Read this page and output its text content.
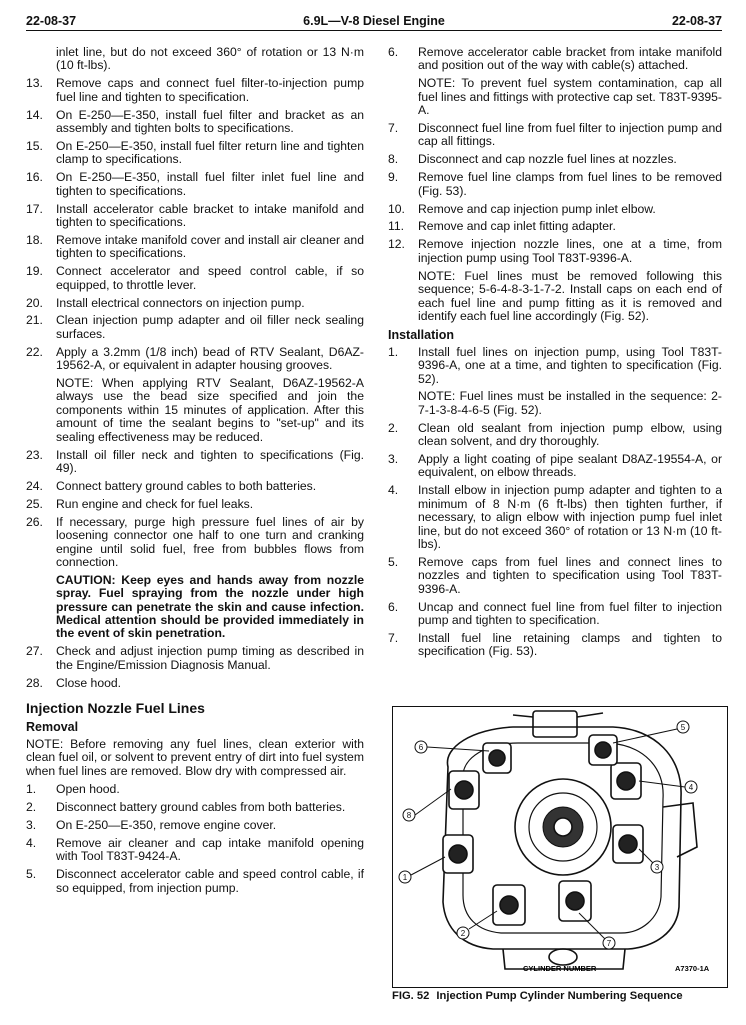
22-08-37	6.9L—V-8 Diesel Engine	22-08-37
inlet line, but do not exceed 360° of rotation or 13 N·m (10 ft-lbs).
13.	Remove caps and connect fuel filter-to-injection pump fuel line and tighten to specification.
14.	On E-250—E-350, install fuel filter and bracket as an assembly and tighten bolts to specifications.
15.	On E-250—E-350, install fuel filter return line and tighten clamp to specifications.
16.	On E-250—E-350, install fuel filter inlet fuel line and tighten to specifications.
17.	Install accelerator cable bracket to intake manifold and tighten to specifications.
18.	Remove intake manifold cover and install air cleaner and tighten to specifications.
19.	Connect accelerator and speed control cable, if so equipped, to throttle lever.
20.	Install electrical connectors on injection pump.
21.	Clean injection pump adapter and oil filler neck sealing surfaces.
22.	Apply a 3.2mm (1/8 inch) bead of RTV Sealant, D6AZ-19562-A, or equivalent in adapter housing grooves.
NOTE: When applying RTV Sealant, D6AZ-19562-A always use the bead size specified and join the components within 15 minutes of application. After this amount of time the sealant begins to "set-up" and its sealing effectiveness may be reduced.
23.	Install oil filler neck and tighten to specifications (Fig. 49).
24.	Connect battery ground cables to both batteries.
25.	Run engine and check for fuel leaks.
26.	If necessary, purge high pressure fuel lines of air by loosening connector one half to one turn and cranking engine until solid fuel, free from bubbles flows from connection.
CAUTION: Keep eyes and hands away from nozzle spray. Fuel spraying from the nozzle under high pressure can penetrate the skin and cause infection. Medical attention should be provided immediately in the event of skin penetration.
27.	Check and adjust injection pump timing as described in the Engine/Emission Diagnosis Manual.
28.	Close hood.
Injection Nozzle Fuel Lines
Removal
NOTE: Before removing any fuel lines, clean exterior with clean fuel oil, or solvent to prevent entry of dirt into fuel system when fuel lines are removed. Blow dry with compressed air.
1.	Open hood.
2.	Disconnect battery ground cables from both batteries.
3.	On E-250—E-350, remove engine cover.
4.	Remove air cleaner and cap intake manifold opening with Tool T83T-9424-A.
5.	Disconnect accelerator cable and speed control cable, if so equipped, from injection pump.
6.	Remove accelerator cable bracket from intake manifold and position out of the way with cable(s) attached.
NOTE: To prevent fuel system contamination, cap all fuel lines and fittings with protective cap set. T83T-9395-A.
7.	Disconnect fuel line from fuel filter to injection pump and cap all fittings.
8.	Disconnect and cap nozzle fuel lines at nozzles.
9.	Remove fuel line clamps from fuel lines to be removed (Fig. 53).
10.	Remove and cap injection pump inlet elbow.
11.	Remove and cap inlet fitting adapter.
12.	Remove injection nozzle lines, one at a time, from injection pump using Tool T83T-9396-A.
NOTE: Fuel lines must be removed following this sequence; 5-6-4-8-3-1-7-2. Install caps on each end of each fuel line and pump fitting as it is removed and identify each fuel line accordingly (Fig. 52).
Installation
1.	Install fuel lines on injection pump, using Tool T83T-9396-A, one at a time, and tighten to specification (Fig. 52).
NOTE: Fuel lines must be installed in the sequence: 2-7-1-3-8-4-6-5 (Fig. 52).
2.	Clean old sealant from injection pump elbow, using clean solvent, and dry thoroughly.
3.	Apply a light coating of pipe sealant D8AZ-19554-A, or equivalent, on elbow threads.
4.	Install elbow in injection pump adapter and tighten to a minimum of 8 N·m (6 ft-lbs) then tighten further, if necessary, to align elbow with injection pump fuel inlet line, but do not exceed 360° of rotation or 13 N·m (10 ft-lbs).
5.	Remove caps from fuel lines and connect lines to nozzles and tighten to specification using Tool T83T-9396-A.
6.	Uncap and connect fuel line from fuel filter to injection pump and tighten to specification.
7.	Install fuel line retaining clamps and tighten to specification (Fig. 53).
1
2
3
4
5
6
7
8
CYLINDER NUMBER	A7370-1A
FIG. 52 Injection Pump Cylinder Numbering Sequence
